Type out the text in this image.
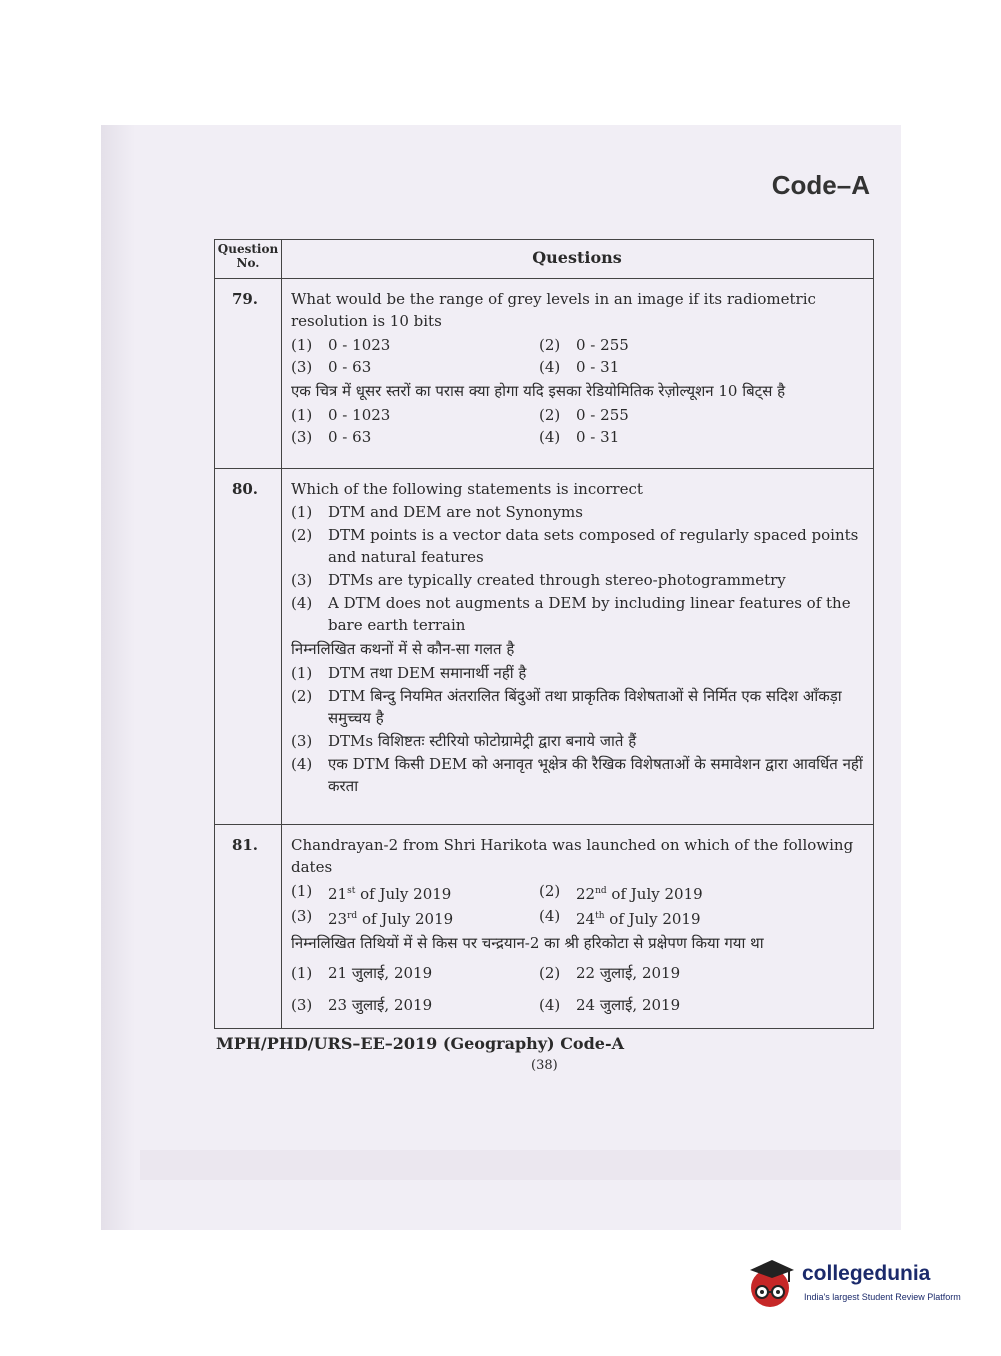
Code–A
Question No.	Questions
79.	What would be the range of grey levels in an image if its radiometric resolution is 10 bits

(1)	0 - 1023	(2)	0 - 255
(3)	0 - 63	(4)	0 - 31

एक चित्र में धूसर स्तरों का परास क्या होगा यदि इसका रेडियोमितिक रेज़ोल्यूशन 10 बिट्स है

(1)	0 - 1023	(2)	0 - 255
(3)	0 - 63	(4)	0 - 31
80.	Which of the following statements is incorrect

(1)	DTM and DEM are not Synonyms
(2)	DTM points is a vector data sets composed of regularly spaced points and natural features
(3)	DTMs are typically created through stereo-photogrammetry
(4)	A DTM does not augments a DEM by including linear features of the bare earth terrain

निम्नलिखित कथनों में से कौन-सा गलत है

(1)	DTM तथा DEM समानार्थी नहीं है
(2)	DTM बिन्दु नियमित अंतरालित बिंदुओं तथा प्राकृतिक विशेषताओं से निर्मित एक सदिश आँकड़ा समुच्चय है
(3)	DTMs विशिष्टतः स्टीरियो फोटोग्रामेट्री द्वारा बनाये जाते हैं
(4)	एक DTM किसी DEM को अनावृत भूक्षेत्र की रैखिक विशेषताओं के समावेशन द्वारा आवर्धित नहीं करता
81.	Chandrayan-2 from Shri Harikota was launched on which of the following dates

(1)	21st of July 2019	(2)	22nd of July 2019
(3)	23rd of July 2019	(4)	24th of July 2019

निम्नलिखित तिथियों में से किस पर चन्द्रयान-2 का श्री हरिकोटा से प्रक्षेपण किया गया था

(1)	21 जुलाई, 2019	(2)	22 जुलाई, 2019
(3)	23 जुलाई, 2019	(4)	24 जुलाई, 2019
MPH/PHD/URS–EE–2019 (Geography) Code-A
(38)
collegedunia
India's largest Student Review Platform
